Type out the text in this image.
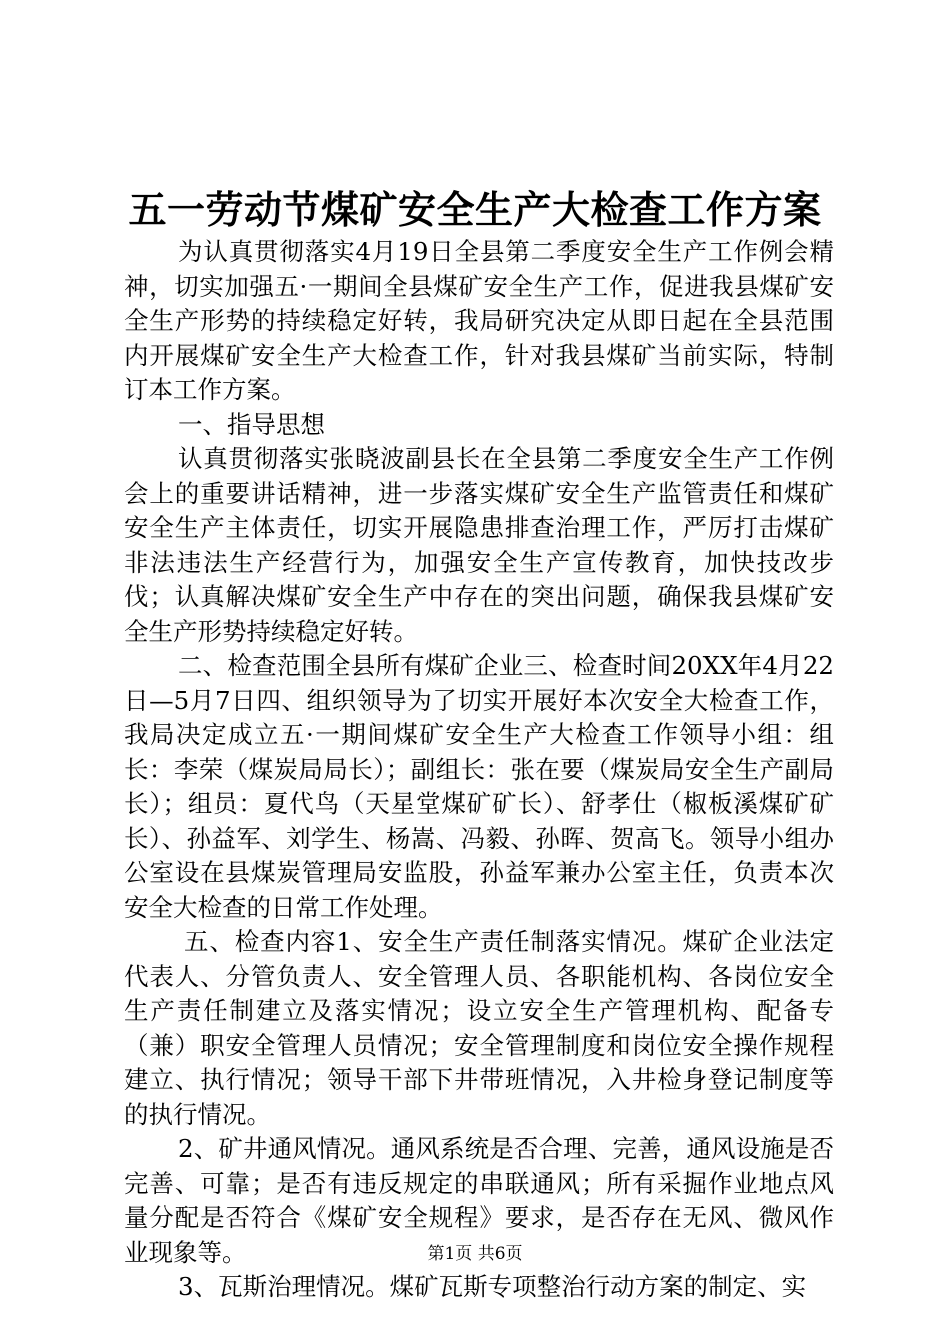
五一劳动节煤矿安全生产大检查工作方案

为认真贯彻落实4月19日全县第二季度安全生产工作例会精神，切实加强五·一期间全县煤矿安全生产工作，促进我县煤矿安全生产形势的持续稳定好转，我局研究决定从即日起在全县范围内开展煤矿安全生产大检查工作，针对我县煤矿当前实际，特制订本工作方案。

一、指导思想

认真贯彻落实张晓波副县长在全县第二季度安全生产工作例会上的重要讲话精神，进一步落实煤矿安全生产监管责任和煤矿安全生产主体责任，切实开展隐患排查治理工作，严厉打击煤矿非法违法生产经营行为，加强安全生产宣传教育，加快技改步伐；认真解决煤矿安全生产中存在的突出问题，确保我县煤矿安全生产形势持续稳定好转。

二、检查范围全县所有煤矿企业三、检查时间20XX年4月22日—5月7日四、组织领导为了切实开展好本次安全大检查工作，我局决定成立五·一期间煤矿安全生产大检查工作领导小组：组长：李荣（煤炭局局长）；副组长：张在要（煤炭局安全生产副局长）；组员：夏代鸟（天星堂煤矿矿长）、舒孝仕（椒板溪煤矿矿长）、孙益军、刘学生、杨嵩、冯毅、孙晖、贺高飞。领导小组办公室设在县煤炭管理局安监股，孙益军兼办公室主任，负责本次安全大检查的日常工作处理。

五、检查内容1、安全生产责任制落实情况。煤矿企业法定代表人、分管负责人、安全管理人员、各职能机构、各岗位安全生产责任制建立及落实情况；设立安全生产管理机构、配备专（兼）职安全管理人员情况；安全管理制度和岗位安全操作规程建立、执行情况；领导干部下井带班情况，入井检身登记制度等的执行情况。

2、矿井通风情况。通风系统是否合理、完善，通风设施是否完善、可靠；是否有违反规定的串联通风；所有采掘作业地点风量分配是否符合《煤矿安全规程》要求，是否存在无风、微风作业现象等。

3、瓦斯治理情况。煤矿瓦斯专项整治行动方案的制定、实

第1页 共6页
